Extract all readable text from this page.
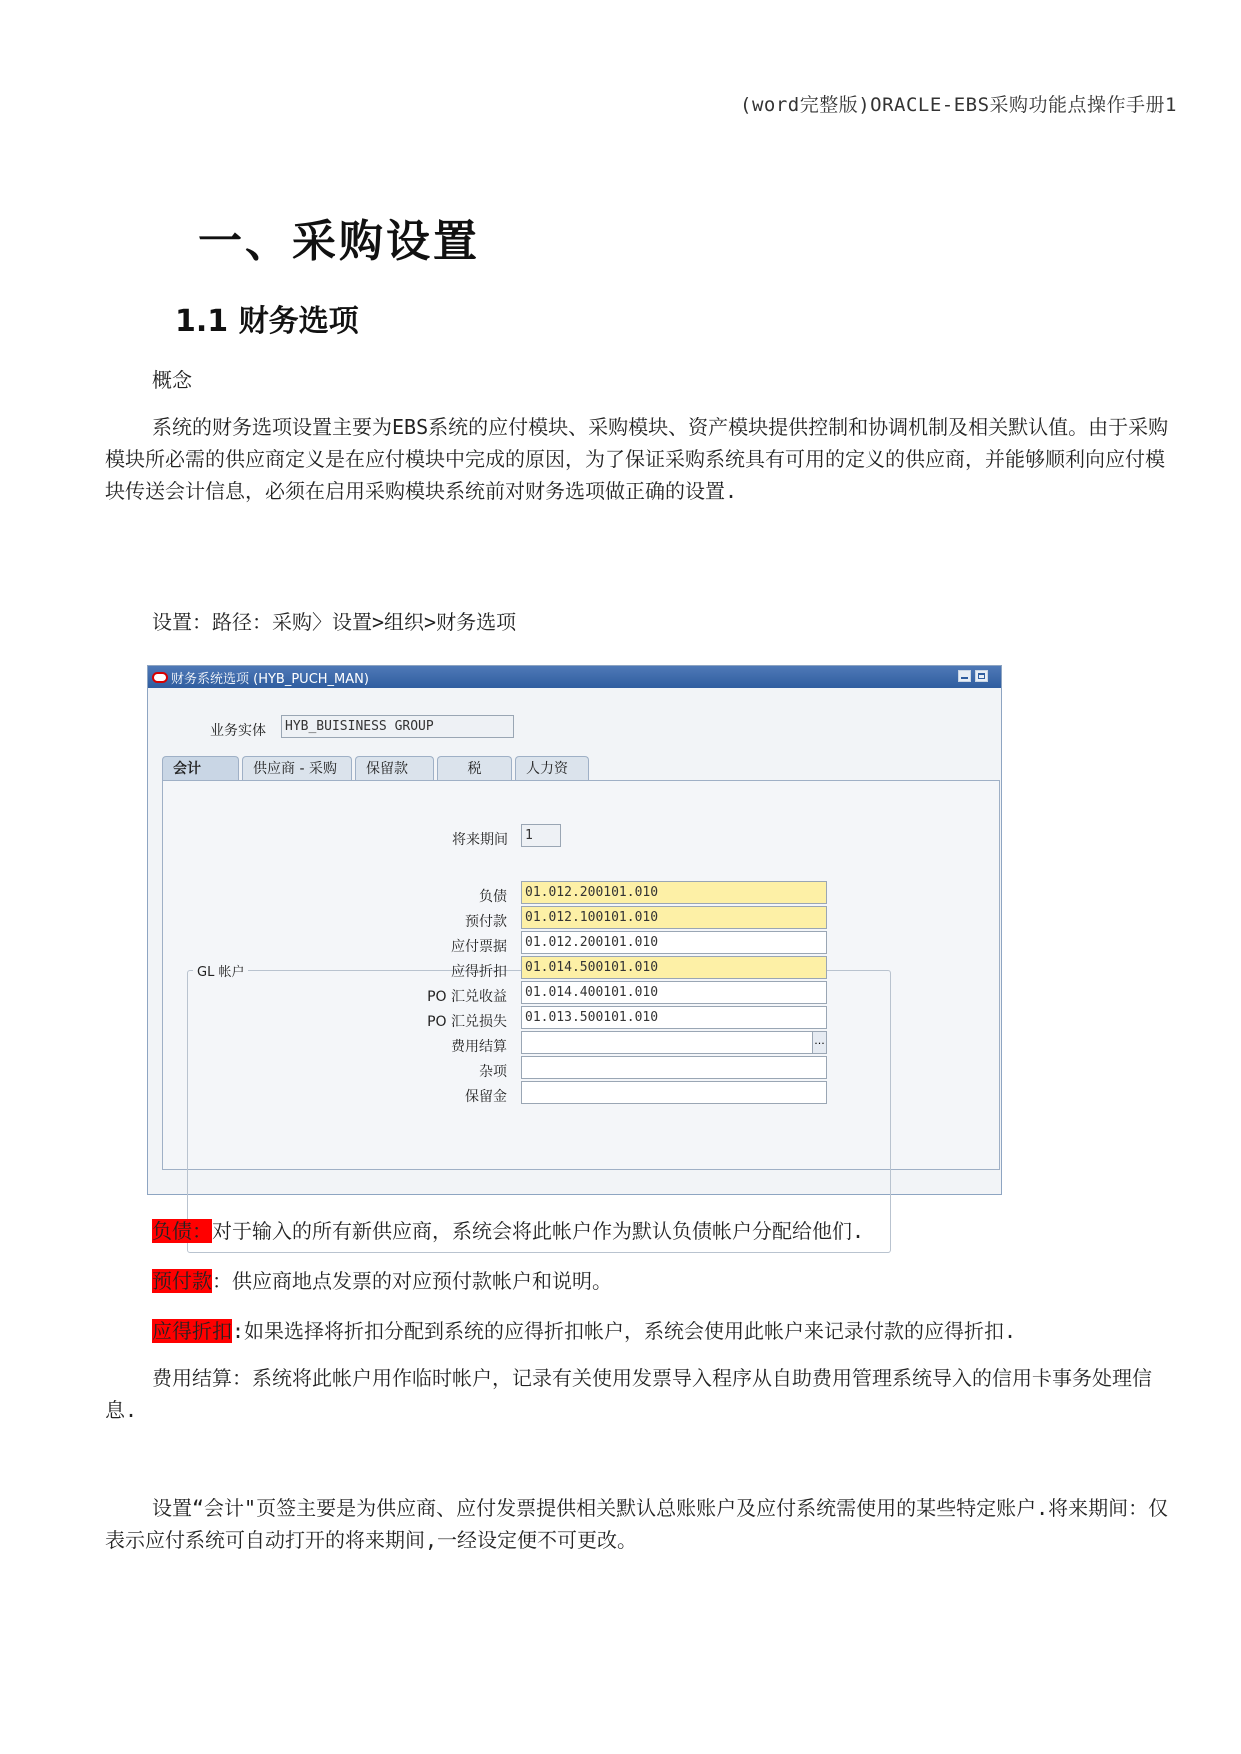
(word完整版)ORACLE-EBS采购功能点操作手册1
一、采购设置
1.1 财务选项
概念
系统的财务选项设置主要为EBS系统的应付模块、采购模块、资产模块提供控制和协调机制及相关默认值。由于采购模块所必需的供应商定义是在应付模块中完成的原因，为了保证采购系统具有可用的定义的供应商，并能够顺利向应付模块传送会计信息，必须在启用采购模块系统前对财务选项做正确的设置.
设置：路径：采购〉设置>组织>财务选项
财务系统选项 (HYB_PUCH_MAN)
业务实体	HYB_BUISINESS GROUP
会计	供应商 - 采购	保留款	税	人力资
将来期间	1
GL 帐户
负债	01.012.200101.010
预付款	01.012.100101.010
应付票据	01.012.200101.010
应得折扣	01.014.500101.010
PO 汇兑收益	01.014.400101.010
PO 汇兑损失	01.013.500101.010
费用结算	...
杂项
保留金
负债：对于输入的所有新供应商，系统会将此帐户作为默认负债帐户分配给他们.
预付款：供应商地点发票的对应预付款帐户和说明。
应得折扣:如果选择将折扣分配到系统的应得折扣帐户，系统会使用此帐户来记录付款的应得折扣.
费用结算：系统将此帐户用作临时帐户，记录有关使用发票导入程序从自助费用管理系统导入的信用卡事务处理信息.
设置“会计"页签主要是为供应商、应付发票提供相关默认总账账户及应付系统需使用的某些特定账户.将来期间：仅表示应付系统可自动打开的将来期间,一经设定便不可更改。
